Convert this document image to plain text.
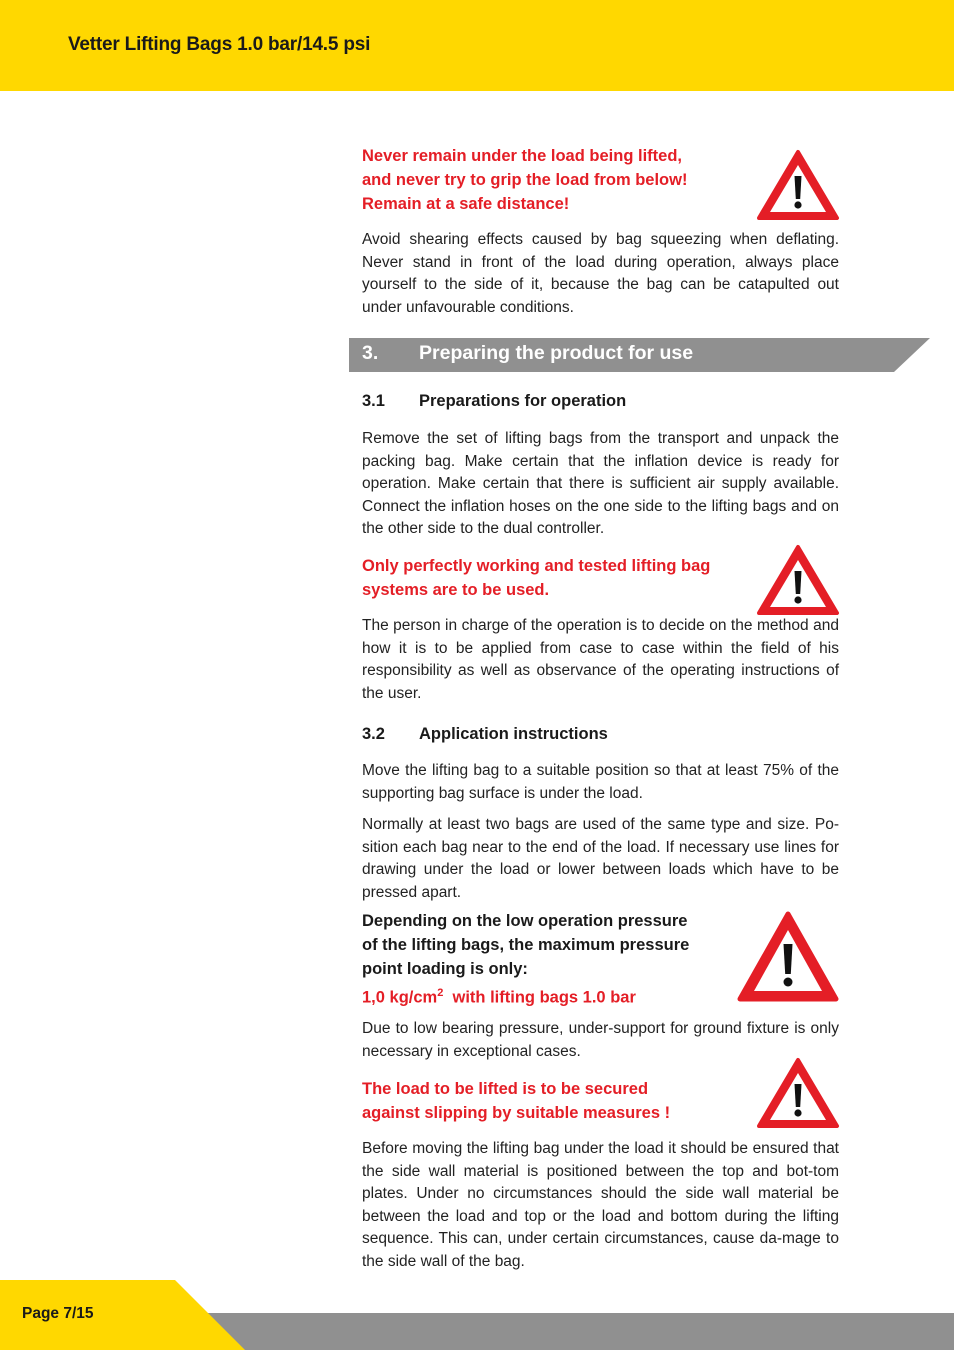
Vetter Lifting Bags 1.0 bar/14.5 psi
Never remain under the load being lifted,
and never try to grip the load from below!
Remain at a safe distance!
Avoid shearing effects caused by bag squeezing when deflating. Never stand in front of the load during operation, always place yourself to the side of it, because the bag can be catapulted out under unfavourable conditions.
3. Preparing the product for use
3.1 Preparations for operation
Remove the set of lifting bags from the transport and unpack the packing bag. Make certain that the inflation device is ready for operation. Make certain that there is sufficient air supply available. Connect the inflation hoses on the one side to the lifting bags and on the other side to the dual controller.
Only perfectly working and tested lifting bag
systems are to be used.
The person in charge of the operation is to decide on the method and how it is to be applied from case to case within the field of his responsibility as well as observance of the operating instructions of the user.
3.2 Application instructions
Move the lifting bag to a suitable position so that at least 75% of the supporting bag surface is under the load.
Normally at least two bags are used of the same type and size. Po-sition each bag near to the end of the load. If necessary use lines for drawing under the load or lower between loads which have to be pressed apart.
Depending on the low operation pressure
of the lifting bags, the maximum pressure
point loading is only:
1,0 $kg/cm^2$  with lifting bags 1.0 bar
Due to low bearing pressure, under-support for ground fixture is only necessary in exceptional cases.
The load to be lifted is to be secured
against slipping by suitable measures !
Before moving the lifting bag under the load it should be ensured that the side wall material is positioned between the top and bot-tom plates. Under no circumstances should the side wall material be between the load and top or the load and bottom during the lifting sequence. This can, under certain circumstances, cause da-mage to the side wall of the bag.
Page 7/15
